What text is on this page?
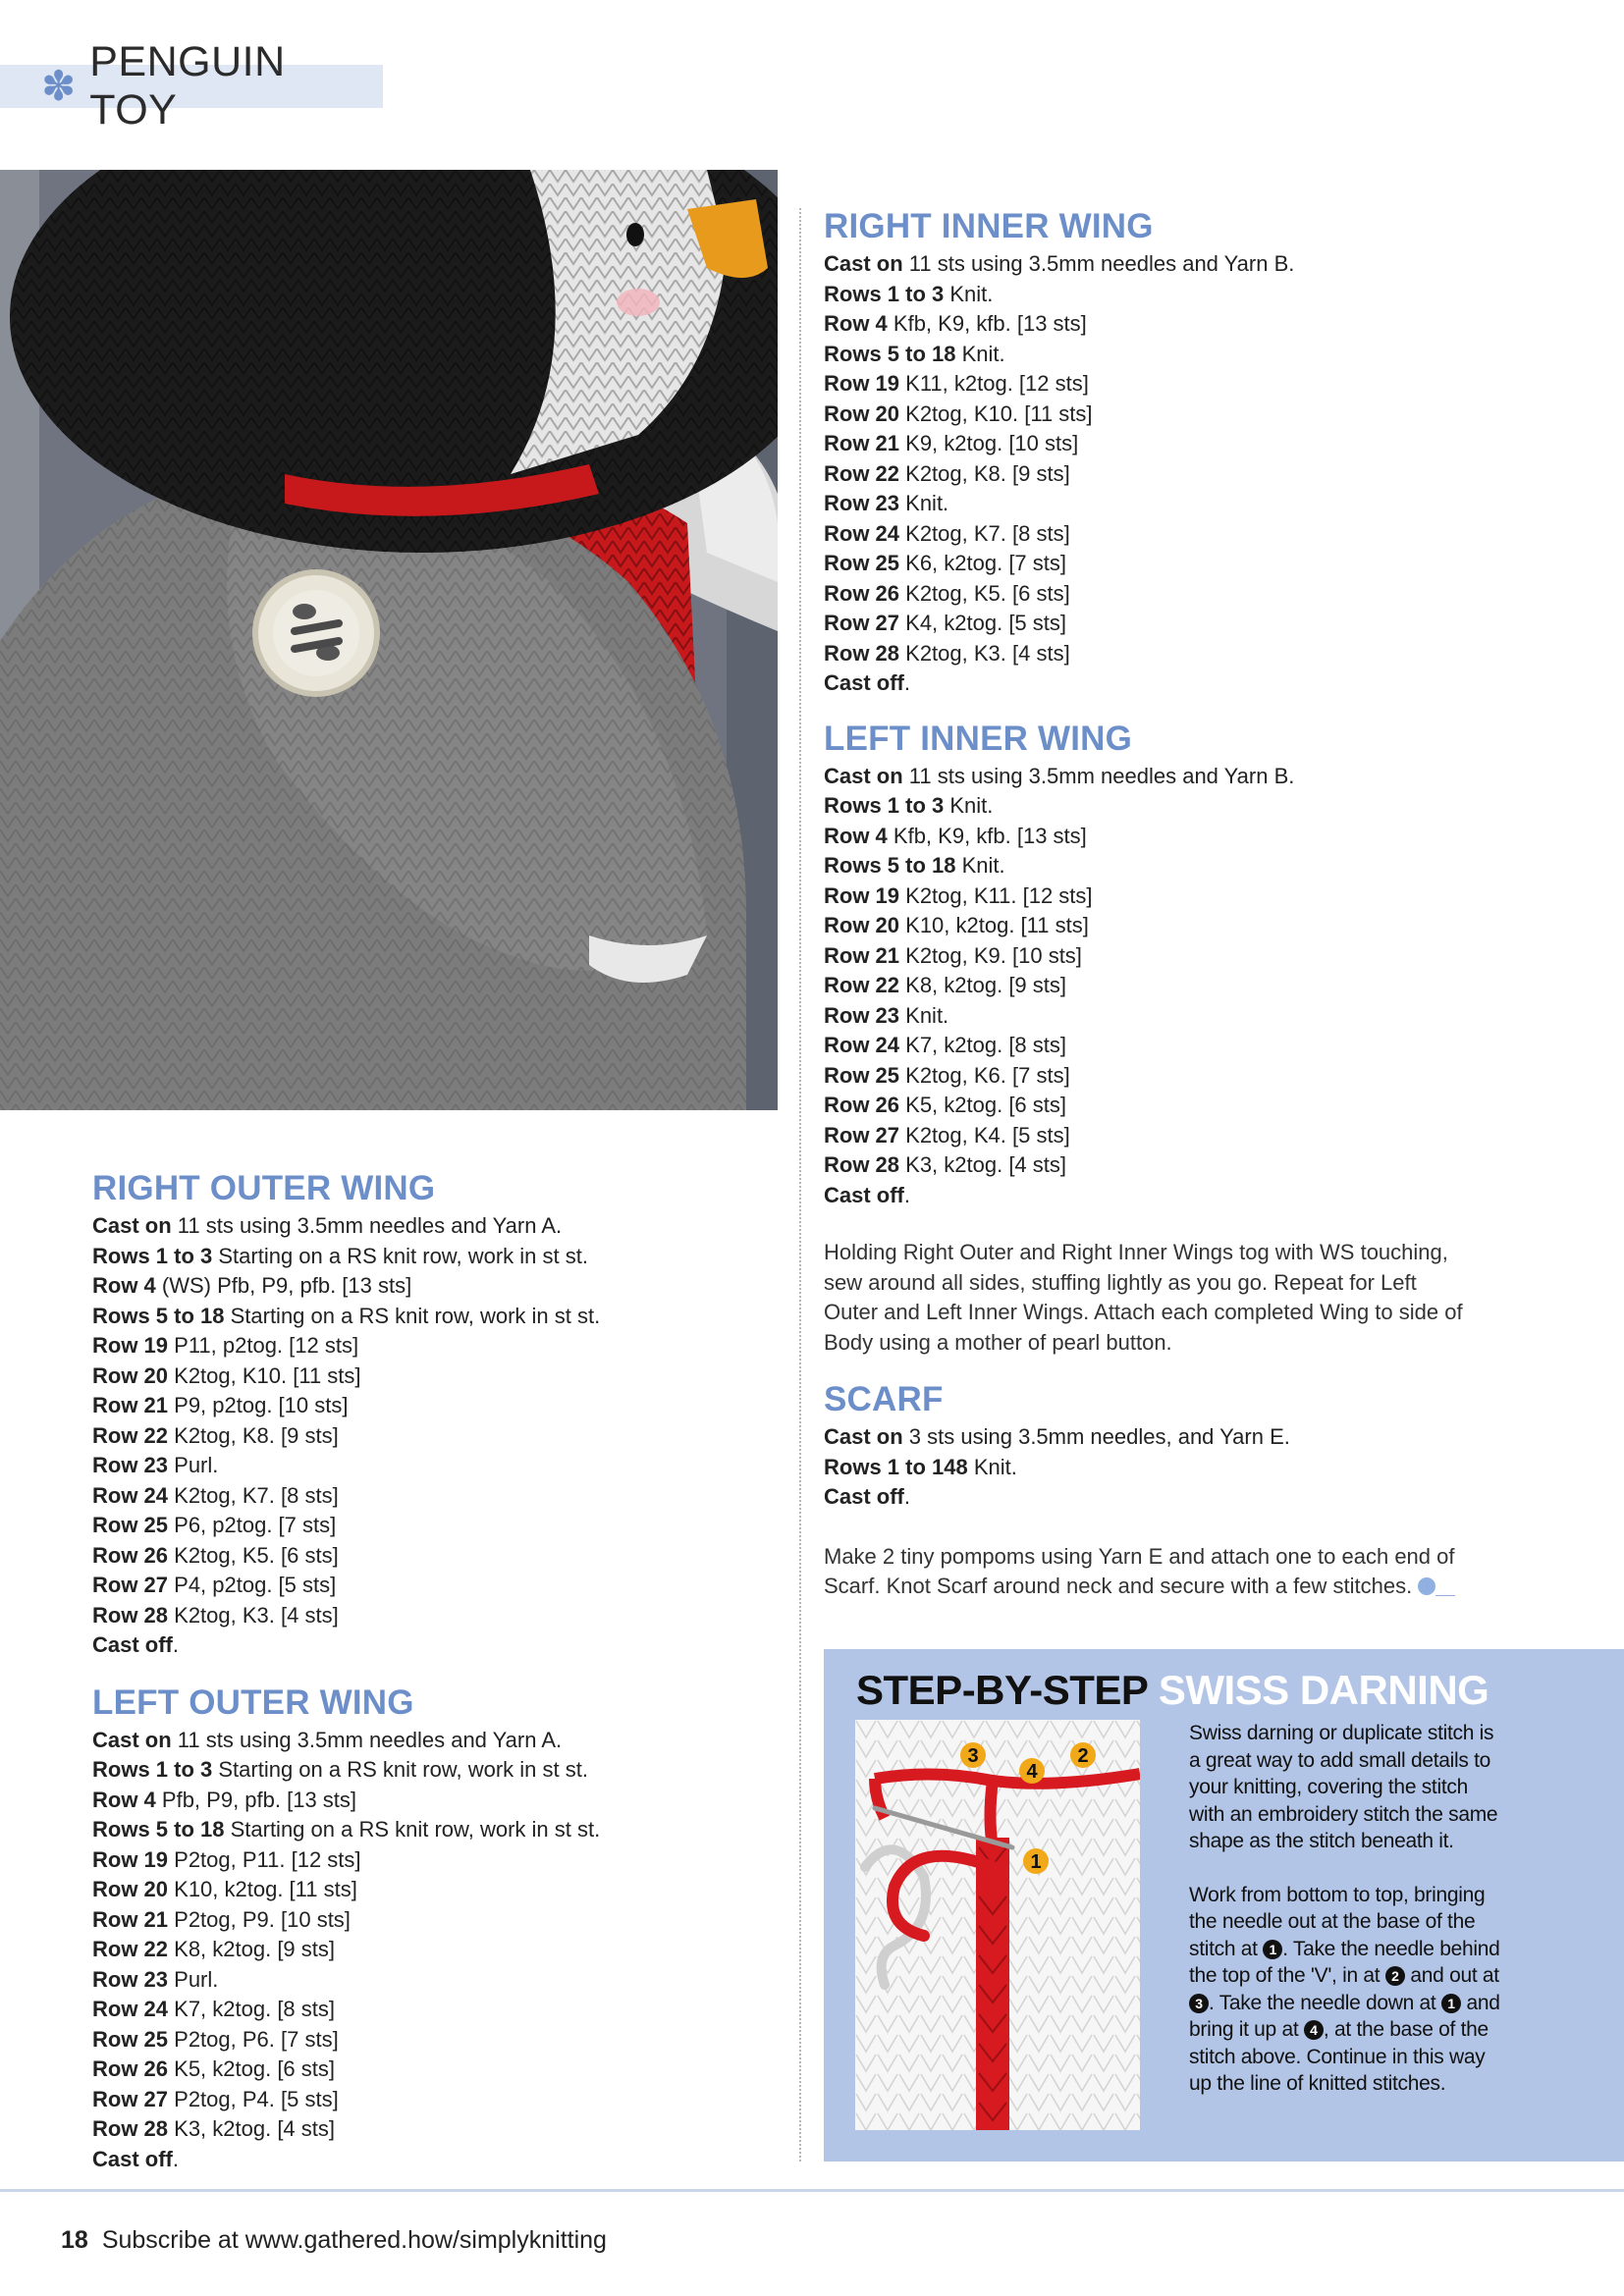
✽
PENGUIN TOY
RIGHT OUTER WING
Cast on 11 sts using 3.5mm needles and Yarn A.
Rows 1 to 3 Starting on a RS knit row, work in st st.
Row 4 (WS) Pfb, P9, pfb. [13 sts]
Rows 5 to 18 Starting on a RS knit row, work in st st.
Row 19 P11, p2tog. [12 sts]
Row 20 K2tog, K10. [11 sts]
Row 21 P9, p2tog. [10 sts]
Row 22 K2tog, K8. [9 sts]
Row 23 Purl.
Row 24 K2tog, K7. [8 sts]
Row 25 P6, p2tog. [7 sts]
Row 26 K2tog, K5. [6 sts]
Row 27 P4, p2tog. [5 sts]
Row 28 K2tog, K3. [4 sts]
Cast off.
LEFT OUTER WING
Cast on 11 sts using 3.5mm needles and Yarn A.
Rows 1 to 3 Starting on a RS knit row, work in st st.
Row 4 Pfb, P9, pfb. [13 sts]
Rows 5 to 18 Starting on a RS knit row, work in st st.
Row 19 P2tog, P11. [12 sts]
Row 20 K10, k2tog. [11 sts]
Row 21 P2tog, P9. [10 sts]
Row 22 K8, k2tog. [9 sts]
Row 23 Purl.
Row 24 K7, k2tog. [8 sts]
Row 25 P2tog, P6. [7 sts]
Row 26 K5, k2tog. [6 sts]
Row 27 P2tog, P4. [5 sts]
Row 28 K3, k2tog. [4 sts]
Cast off.
RIGHT INNER WING
Cast on 11 sts using 3.5mm needles and Yarn B.
Rows 1 to 3 Knit.
Row 4 Kfb, K9, kfb. [13 sts]
Rows 5 to 18 Knit.
Row 19 K11, k2tog. [12 sts]
Row 20 K2tog, K10. [11 sts]
Row 21 K9, k2tog. [10 sts]
Row 22 K2tog, K8. [9 sts]
Row 23 Knit.
Row 24 K2tog, K7. [8 sts]
Row 25 K6, k2tog. [7 sts]
Row 26 K2tog, K5. [6 sts]
Row 27 K4, k2tog. [5 sts]
Row 28 K2tog, K3. [4 sts]
Cast off.
LEFT INNER WING
Cast on 11 sts using 3.5mm needles and Yarn B.
Rows 1 to 3 Knit.
Row 4 Kfb, K9, kfb. [13 sts]
Rows 5 to 18 Knit.
Row 19 K2tog, K11. [12 sts]
Row 20 K10, k2tog. [11 sts]
Row 21 K2tog, K9. [10 sts]
Row 22 K8, k2tog. [9 sts]
Row 23 Knit.
Row 24 K7, k2tog. [8 sts]
Row 25 K2tog, K6. [7 sts]
Row 26 K5, k2tog. [6 sts]
Row 27 K2tog, K4. [5 sts]
Row 28 K3, k2tog. [4 sts]
Cast off.
Holding Right Outer and Right Inner Wings tog with WS touching,
sew around all sides, stuffing lightly as you go. Repeat for Left
Outer and Left Inner Wings. Attach each completed Wing to side of
Body using a mother of pearl button.
SCARF
Cast on 3 sts using 3.5mm needles, and Yarn E.
Rows 1 to 148 Knit.
Cast off.
Make 2 tiny pompoms using Yarn E and attach one to each end of
Scarf. Knot Scarf around neck and secure with a few stitches.
STEP-BY-STEP SWISS DARNING
3
4
2
1

Swiss darning or duplicate stitch is
a great way to add small details to
your knitting, covering the stitch
with an embroidery stitch the same
shape as the stitch beneath it.

Work from bottom to top, bringing
the needle out at the base of the
stitch at 1 . Take the needle behind
the top of the 'V', in at 2 and out at
3 . Take the needle down at 1 and
bring it up at 4 , at the base of the
stitch above. Continue in this way
up the line of knitted stitches.

18 Subscribe at www.gathered.how/simplyknitting
